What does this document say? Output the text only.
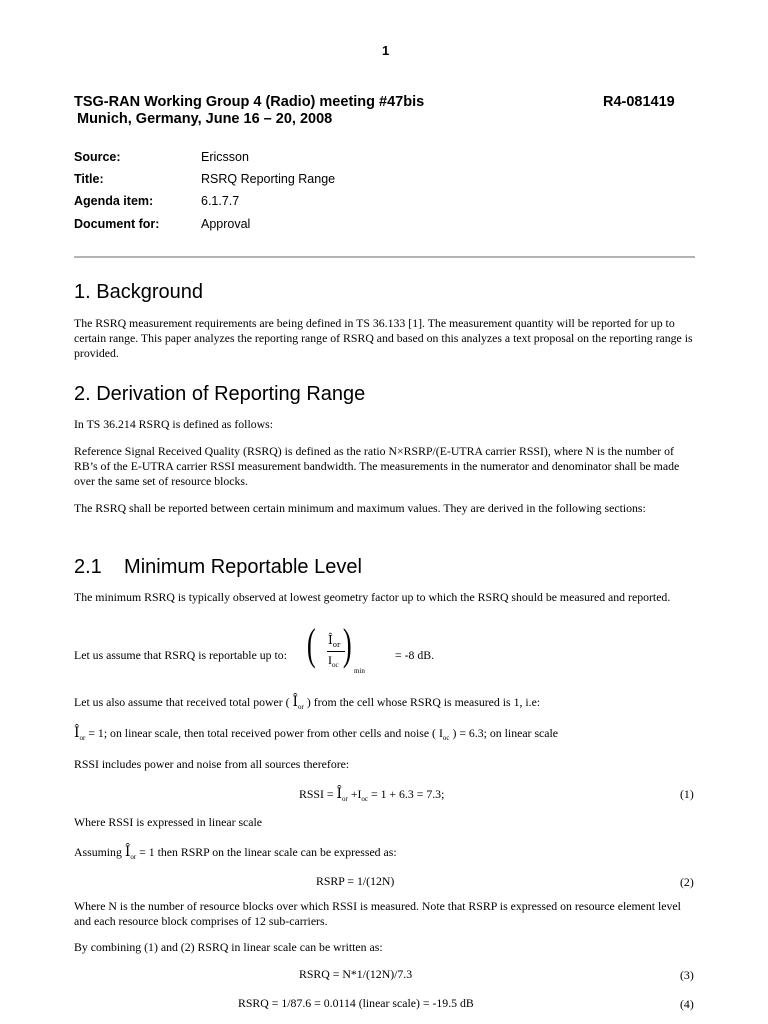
1
TSG-RAN Working Group 4 (Radio) meeting #47bis	R4-081419
Munich, Germany, June 16 – 20, 2008
Source:	Ericsson
Title:	RSRQ Reporting Range
Agenda item:	6.1.7.7
Document for:	Approval
1. Background
The RSRQ measurement requirements are being defined in TS 36.133 [1]. The measurement quantity will be reported for up to certain range. This paper analyzes the reporting range of RSRQ and based on this analyzes a text proposal on the reporting range is provided.
2. Derivation of Reporting Range
In TS 36.214 RSRQ is defined as follows:
Reference Signal Received Quality (RSRQ) is defined as the ratio N×RSRP/(E-UTRA carrier RSSI), where N is the number of RB’s of the E-UTRA carrier RSSI measurement bandwidth. The measurements in the numerator and denominator shall be made over the same set of resource blocks.
The RSRQ shall be reported between certain minimum and maximum values. They are derived in the following sections:
2.1    Minimum Reportable Level
The minimum RSRQ is typically observed at lowest geometry factor up to which the RSRQ should be measured and reported.
Let us assume that RSRQ is reportable up to: ( $Î_{or}$
$I_{oc}$ )
min
= -8 dB.
Let us also assume that received total power ( $Î_{or}$ ) from the cell whose RSRQ is measured is 1, i.e:
$Î_{or} = 1$; on linear scale, then total received power from other cells and noise ( $I_{oc}$ ) = 6.3; on linear scale
RSSI includes power and noise from all sources therefore:
RSSI = $Î_{or} +I_{oc} = 1 + 6.3 = 7.3$;	(1)
Where RSSI is expressed in linear scale
Assuming $Î_{or} = 1$ then RSRP on the linear scale can be expressed as:
RSRP = 1/(12N)	(2)
Where N is the number of resource blocks over which RSSI is measured. Note that RSRP is expressed on resource element level and each resource block comprises of 12 sub-carriers.
By combining (1) and (2) RSRQ in linear scale can be written as:
RSRQ = N*1/(12N)/7.3	(3)
RSRQ = 1/87.6 = 0.0114 (linear scale) = -19.5 dB	(4)
